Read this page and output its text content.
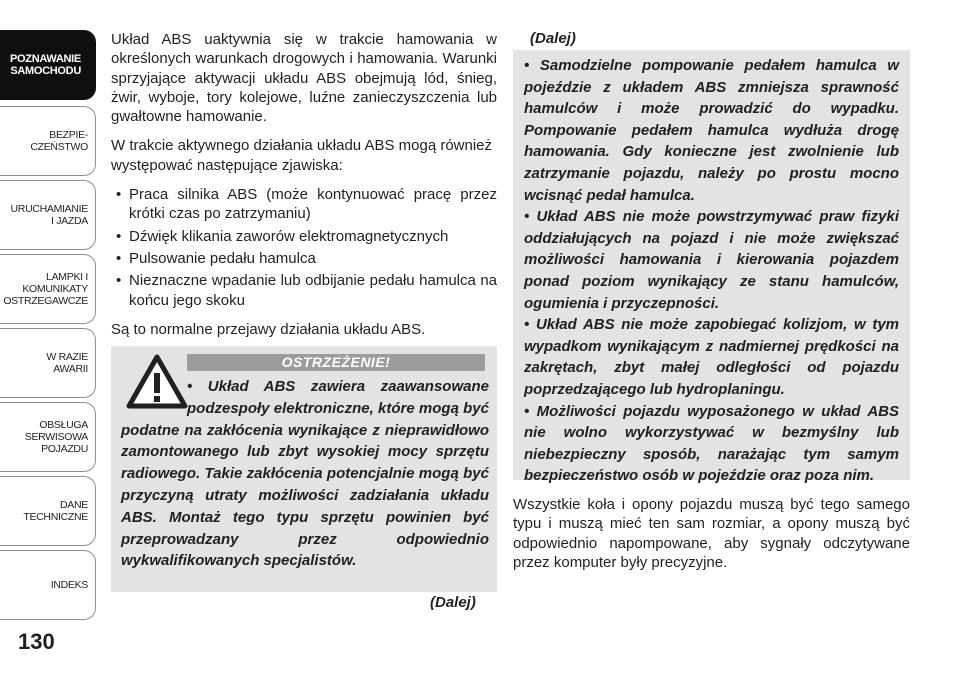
POZNAWANIE
SAMOCHODU
BEZPIE-
CZEŃSTWO
URUCHAMIANIE
I JAZDA
LAMPKI I
KOMUNIKATY
OSTRZEGAWCZE
W RAZIE
AWARII
OBSŁUGA
SERWISOWA
POJAZDU
DANE
TECHNICZNE
INDEKS
130

Układ ABS uaktywnia się w trakcie hamowania w określonych warunkach drogowych i hamowania. Warunki sprzyjające aktywacji układu ABS obejmują lód, śnieg, żwir, wyboje, tory kolejowe, luźne zanieczyszczenia lub gwałtowne hamowanie.

W trakcie aktywnego działania układu ABS mogą również występować następujące zjawiska:

• Praca silnika ABS (może kontynuować pracę przez krótki czas po zatrzymaniu)
• Dźwięk klikania zaworów elektromagnetycznych
• Pulsowanie pedału hamulca
• Nieznaczne wpadanie lub odbijanie pedału hamulca na końcu jego skoku

Są to normalne przejawy działania układu ABS.

OSTRZEŻENIE!

• Układ ABS zawiera zaawansowane podzespoły elektroniczne, które mogą być podatne na zakłócenia wynikające z nieprawidłowo zamontowanego lub zbyt wysokiej mocy sprzętu radiowego. Takie zakłócenia potencjalnie mogą być przyczyną utraty możliwości zadziałania układu ABS. Montaż tego typu sprzętu powinien być przeprowadzany przez odpowiednio wykwalifikowanych specjalistów.

(Dalej)
(Dalej)

• Samodzielne pompowanie pedałem hamulca w pojeździe z układem ABS zmniejsza sprawność hamulców i może prowadzić do wypadku. Pompowanie pedałem hamulca wydłuża drogę hamowania. Gdy konieczne jest zwolnienie lub zatrzymanie pojazdu, należy po prostu mocno wcisnąć pedał hamulca.

• Układ ABS nie może powstrzymywać praw fizyki oddziałujących na pojazd i nie może zwiększać możliwości hamowania i kierowania pojazdem ponad poziom wynikający ze stanu hamulców, ogumienia i przyczepności.

• Układ ABS nie może zapobiegać kolizjom, w tym wypadkom wynikającym z nadmiernej prędkości na zakrętach, zbyt małej odległości od pojazdu poprzedzającego lub hydroplaningu.

• Możliwości pojazdu wyposażonego w układ ABS nie wolno wykorzystywać w bezmyślny lub niebezpieczny sposób, narażając tym samym bezpieczeństwo osób w pojeździe oraz poza nim.

Wszystkie koła i opony pojazdu muszą być tego samego typu i muszą mieć ten sam rozmiar, a opony muszą być odpowiednio napompowane, aby sygnały odczytywane przez komputer były precyzyjne.
